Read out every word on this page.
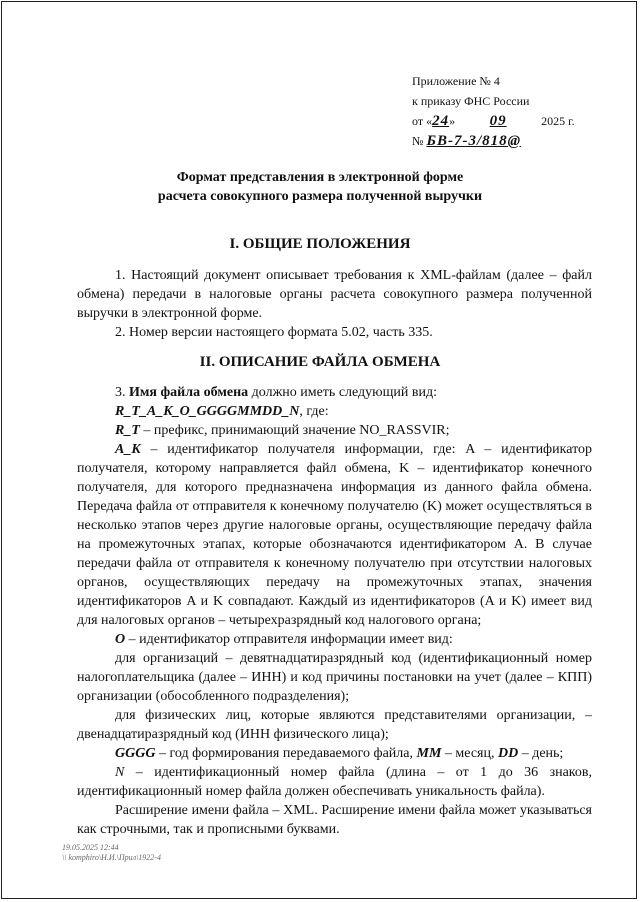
Приложение № 4
к приказу ФНС России
от «24» 09	2025 г.
№ БВ-7-3/818@
Формат представления в электронной форме
расчета совокупного размера полученной выручки
I. ОБЩИЕ ПОЛОЖЕНИЯ

1. Настоящий документ описывает требования к XML-файлам (далее – файл обмена) передачи в налоговые органы расчета совокупного размера полученной выручки в электронной форме.

2. Номер версии настоящего формата 5.02, часть 335.

II. ОПИСАНИЕ ФАЙЛА ОБМЕНА

3. Имя файла обмена должно иметь следующий вид:

R_T_A_K_O_GGGGMMDD_N, где:

R_T – префикс, принимающий значение NO_RASSVIR;

A_K – идентификатор получателя информации, где: A – идентификатор получателя, которому направляется файл обмена, K – идентификатор конечного получателя, для которого предназначена информация из данного файла обмена. Передача файла от отправителя к конечному получателю (K) может осуществляться в несколько этапов через другие налоговые органы, осуществляющие передачу файла на промежуточных этапах, которые обозначаются идентификатором A. В случае передачи файла от отправителя к конечному получателю при отсутствии налоговых органов, осуществляющих передачу на промежуточных этапах, значения идентификаторов A и K совпадают. Каждый из идентификаторов (A и K) имеет вид для налоговых органов – четырехразрядный код налогового органа;

O – идентификатор отправителя информации имеет вид:

для организаций – девятнадцатиразрядный код (идентификационный номер налогоплательщика (далее – ИНН) и код причины постановки на учет (далее – КПП) организации (обособленного подразделения);

для физических лиц, которые являются представителями организации, – двенадцатиразрядный код (ИНН физического лица);

GGGG – год формирования передаваемого файла, MM – месяц, DD – день;

N – идентификационный номер файла (длина – от 1 до 36 знаков, идентификационный номер файла должен обеспечивать уникальность файла).

Расширение имени файла – XML. Расширение имени файла может указываться как строчными, так и прописными буквами.

19.05.2025 12:44
\\ komphiro\Н.И.\Прил\1922-4
